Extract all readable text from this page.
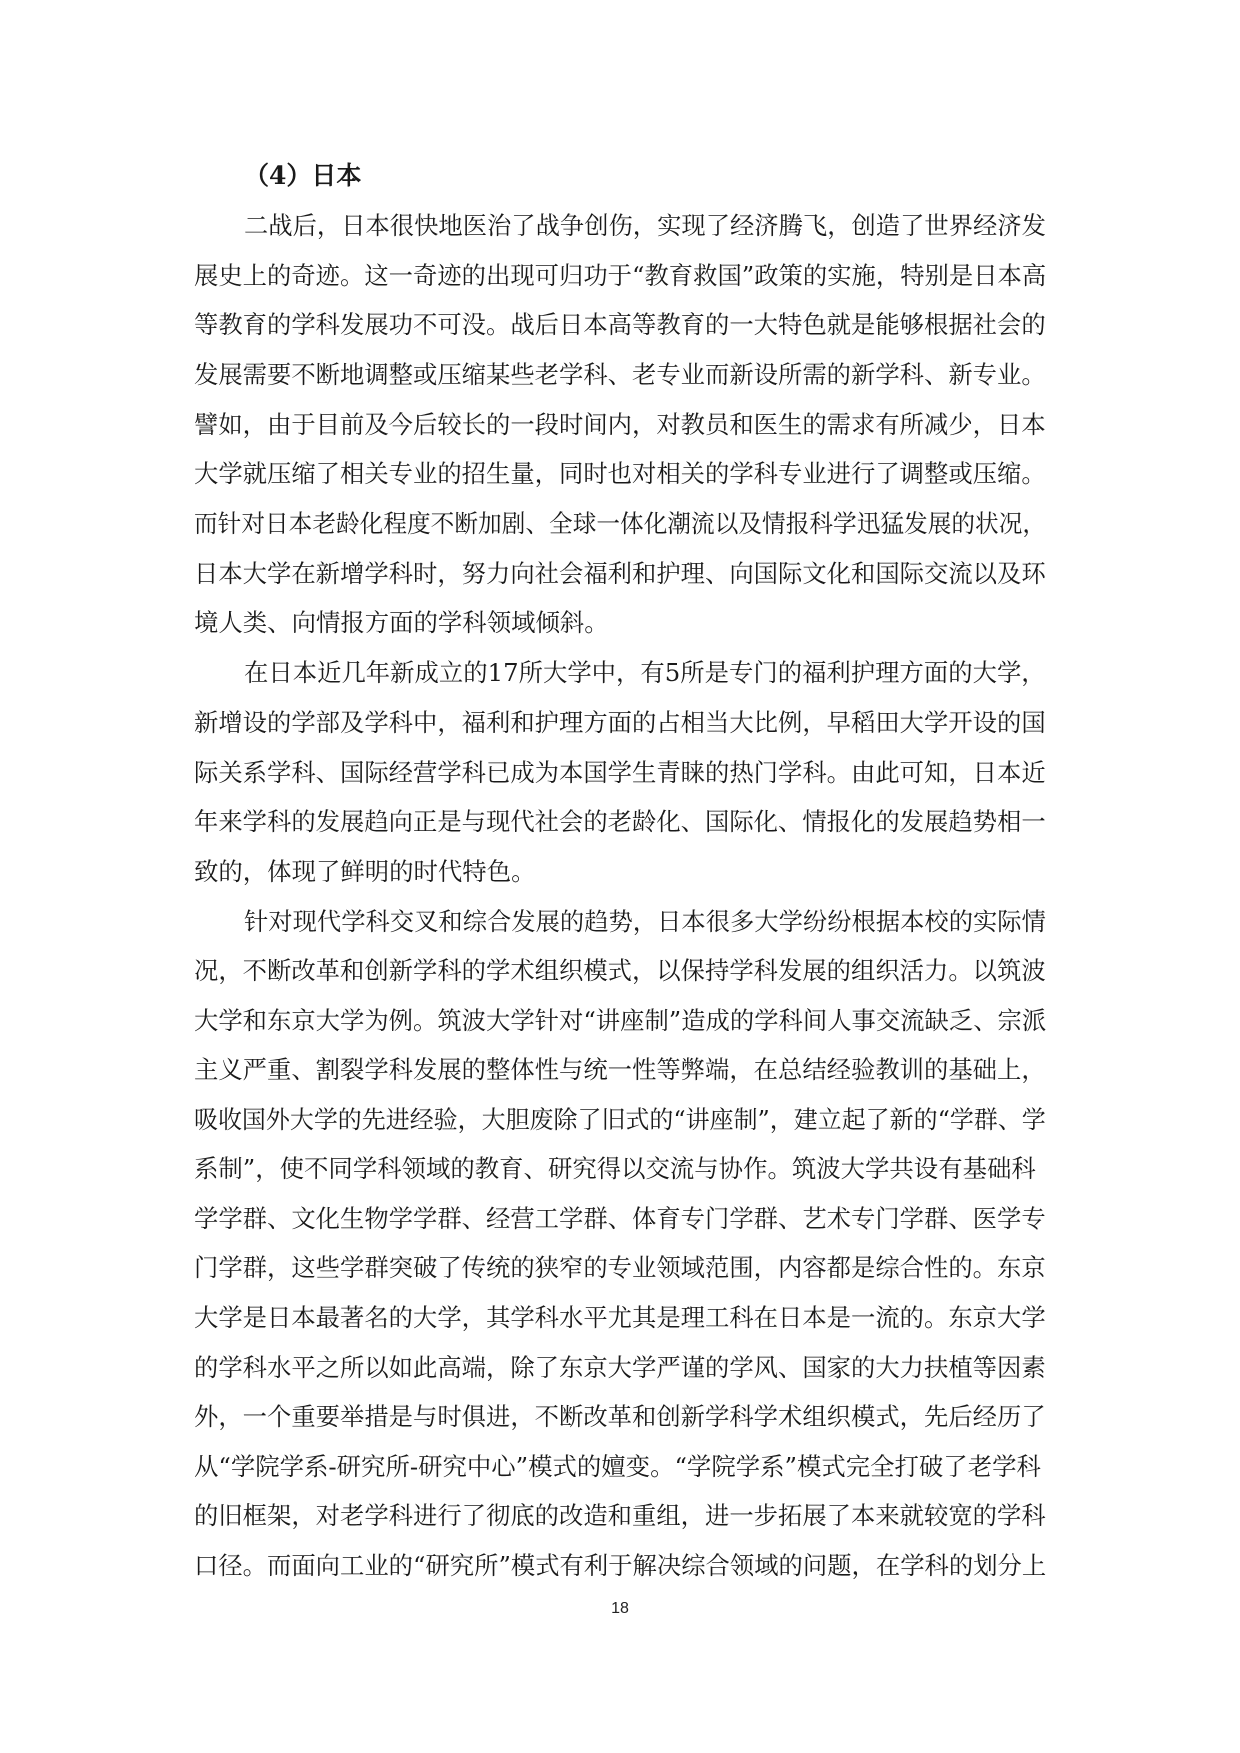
（4）日本
二战后，日本很快地医治了战争创伤，实现了经济腾飞，创造了世界经济发
展史上的奇迹。这一奇迹的出现可归功于“教育救国”政策的实施，特别是日本高
等教育的学科发展功不可没。战后日本高等教育的一大特色就是能够根据社会的
发展需要不断地调整或压缩某些老学科、老专业而新设所需的新学科、新专业。
譬如，由于目前及今后较长的一段时间内，对教员和医生的需求有所减少，日本
大学就压缩了相关专业的招生量，同时也对相关的学科专业进行了调整或压缩。
而针对日本老龄化程度不断加剧、全球一体化潮流以及情报科学迅猛发展的状况，
日本大学在新增学科时，努力向社会福利和护理、向国际文化和国际交流以及环
境人类、向情报方面的学科领域倾斜。
在日本近几年新成立的17所大学中，有5所是专门的福利护理方面的大学，
新增设的学部及学科中，福利和护理方面的占相当大比例，早稻田大学开设的国
际关系学科、国际经营学科已成为本国学生青睐的热门学科。由此可知，日本近
年来学科的发展趋向正是与现代社会的老龄化、国际化、情报化的发展趋势相一
致的，体现了鲜明的时代特色。
针对现代学科交叉和综合发展的趋势，日本很多大学纷纷根据本校的实际情
况，不断改革和创新学科的学术组织模式，以保持学科发展的组织活力。以筑波
大学和东京大学为例。筑波大学针对“讲座制”造成的学科间人事交流缺乏、宗派
主义严重、割裂学科发展的整体性与统一性等弊端，在总结经验教训的基础上，
吸收国外大学的先进经验，大胆废除了旧式的“讲座制”，建立起了新的“学群、学
系制”，使不同学科领域的教育、研究得以交流与协作。筑波大学共设有基础科
学学群、文化生物学学群、经营工学群、体育专门学群、艺术专门学群、医学专
门学群，这些学群突破了传统的狭窄的专业领域范围，内容都是综合性的。东京
大学是日本最著名的大学，其学科水平尤其是理工科在日本是一流的。东京大学
的学科水平之所以如此高端，除了东京大学严谨的学风、国家的大力扶植等因素
外，一个重要举措是与时俱进，不断改革和创新学科学术组织模式，先后经历了
从“学院学系-研究所-研究中心”模式的嬗变。“学院学系”模式完全打破了老学科
的旧框架，对老学科进行了彻底的改造和重组，进一步拓展了本来就较宽的学科
口径。而面向工业的“研究所”模式有利于解决综合领域的问题，在学科的划分上
18
